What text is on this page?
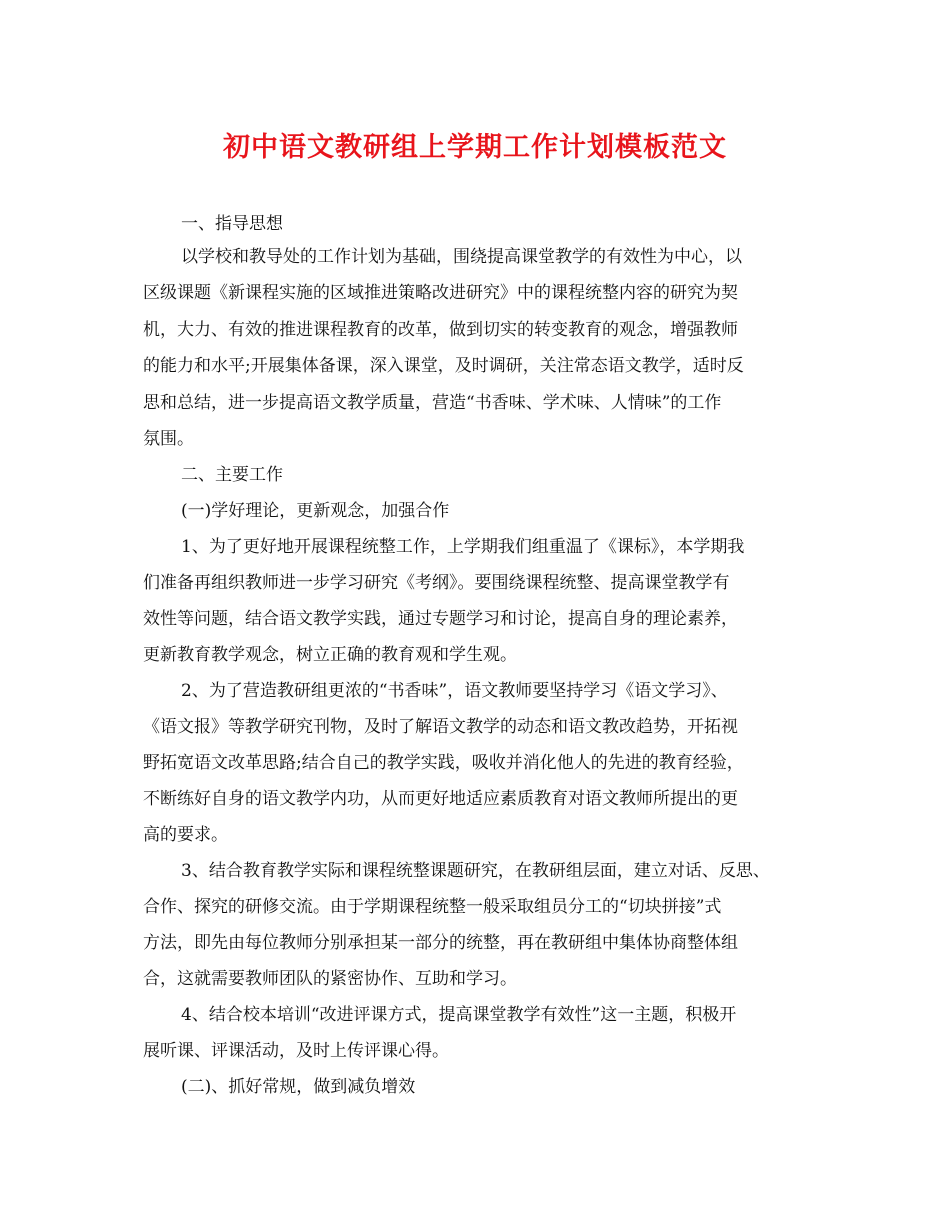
初中语文教研组上学期工作计划模板范文
一、指导思想
以学校和教导处的工作计划为基础，围绕提高课堂教学的有效性为中心，以
区级课题《新课程实施的区域推进策略改进研究》中的课程统整内容的研究为契
机，大力、有效的推进课程教育的改革，做到切实的转变教育的观念，增强教师
的能力和水平;开展集体备课，深入课堂，及时调研，关注常态语文教学，适时反
思和总结，进一步提高语文教学质量，营造“书香味、学术味、人情味”的工作
氛围。
二、主要工作
(一)学好理论，更新观念，加强合作
1、为了更好地开展课程统整工作，上学期我们组重温了《课标》，本学期我
们准备再组织教师进一步学习研究《考纲》。要围绕课程统整、提高课堂教学有
效性等问题，结合语文教学实践，通过专题学习和讨论，提高自身的理论素养，
更新教育教学观念，树立正确的教育观和学生观。
2、为了营造教研组更浓的“书香味”，语文教师要坚持学习《语文学习》、
《语文报》等教学研究刊物，及时了解语文教学的动态和语文教改趋势，开拓视
野拓宽语文改革思路;结合自己的教学实践，吸收并消化他人的先进的教育经验，
不断练好自身的语文教学内功，从而更好地适应素质教育对语文教师所提出的更
高的要求。
3、结合教育教学实际和课程统整课题研究，在教研组层面，建立对话、反思、
合作、探究的研修交流。由于学期课程统整一般采取组员分工的“切块拼接”式
方法，即先由每位教师分别承担某一部分的统整，再在教研组中集体协商整体组
合，这就需要教师团队的紧密协作、互助和学习。
4、结合校本培训“改进评课方式，提高课堂教学有效性”这一主题，积极开
展听课、评课活动，及时上传评课心得。
(二)、抓好常规，做到减负增效
